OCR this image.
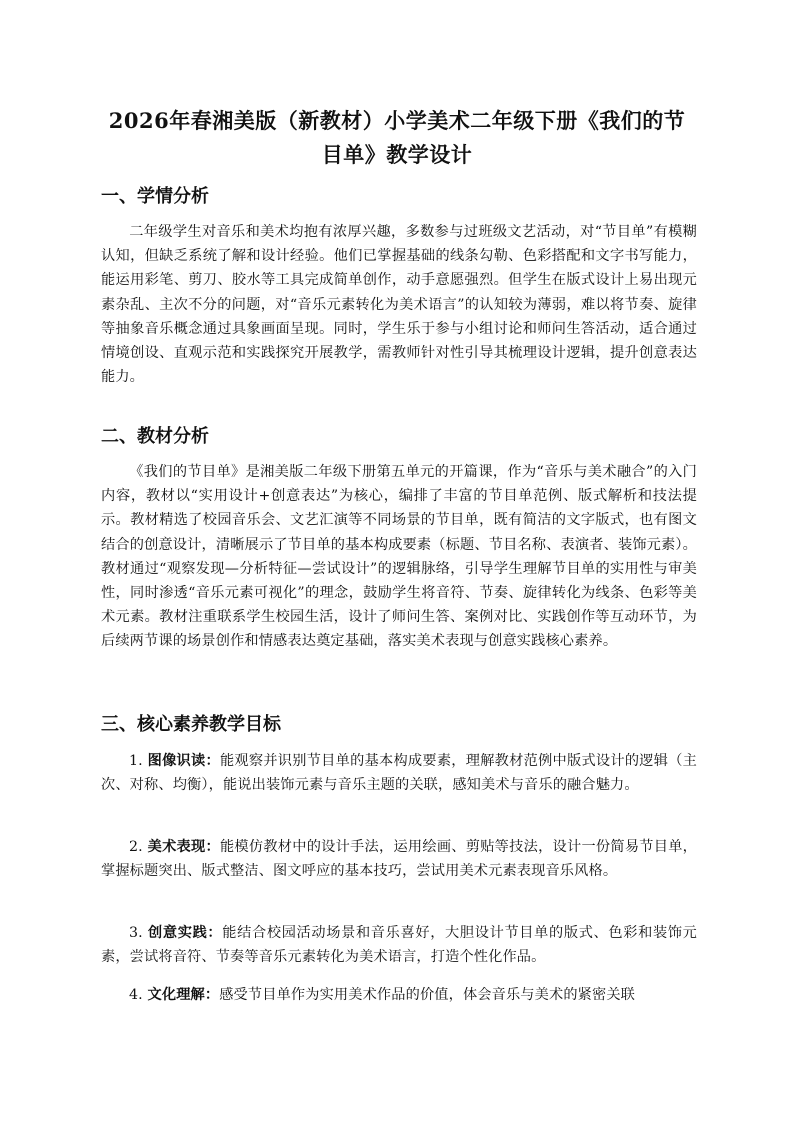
2026年春湘美版（新教材）小学美术二年级下册《我们的节目单》教学设计
一、学情分析
二年级学生对音乐和美术均抱有浓厚兴趣，多数参与过班级文艺活动，对“节目单”有模糊认知，但缺乏系统了解和设计经验。他们已掌握基础的线条勾勒、色彩搭配和文字书写能力，能运用彩笔、剪刀、胶水等工具完成简单创作，动手意愿强烈。但学生在版式设计上易出现元素杂乱、主次不分的问题，对“音乐元素转化为美术语言”的认知较为薄弱，难以将节奏、旋律等抽象音乐概念通过具象画面呈现。同时，学生乐于参与小组讨论和师问生答活动，适合通过情境创设、直观示范和实践探究开展教学，需教师针对性引导其梳理设计逻辑，提升创意表达能力。
二、教材分析
《我们的节目单》是湘美版二年级下册第五单元的开篇课，作为“音乐与美术融合”的入门内容，教材以“实用设计+创意表达”为核心，编排了丰富的节目单范例、版式解析和技法提示。教材精选了校园音乐会、文艺汇演等不同场景的节目单，既有简洁的文字版式，也有图文结合的创意设计，清晰展示了节目单的基本构成要素（标题、节目名称、表演者、装饰元素）。教材通过“观察发现—分析特征—尝试设计”的逻辑脉络，引导学生理解节目单的实用性与审美性，同时渗透“音乐元素可视化”的理念，鼓励学生将音符、节奏、旋律转化为线条、色彩等美术元素。教材注重联系学生校园生活，设计了师问生答、案例对比、实践创作等互动环节，为后续两节课的场景创作和情感表达奠定基础，落实美术表现与创意实践核心素养。
三、核心素养教学目标
1. 图像识读：能观察并识别节目单的基本构成要素，理解教材范例中版式设计的逻辑（主次、对称、均衡），能说出装饰元素与音乐主题的关联，感知美术与音乐的融合魅力。
2. 美术表现：能模仿教材中的设计手法，运用绘画、剪贴等技法，设计一份简易节目单，掌握标题突出、版式整洁、图文呼应的基本技巧，尝试用美术元素表现音乐风格。
3. 创意实践：能结合校园活动场景和音乐喜好，大胆设计节目单的版式、色彩和装饰元素，尝试将音符、节奏等音乐元素转化为美术语言，打造个性化作品。
4. 文化理解：感受节目单作为实用美术作品的价值，体会音乐与美术的紧密关联
